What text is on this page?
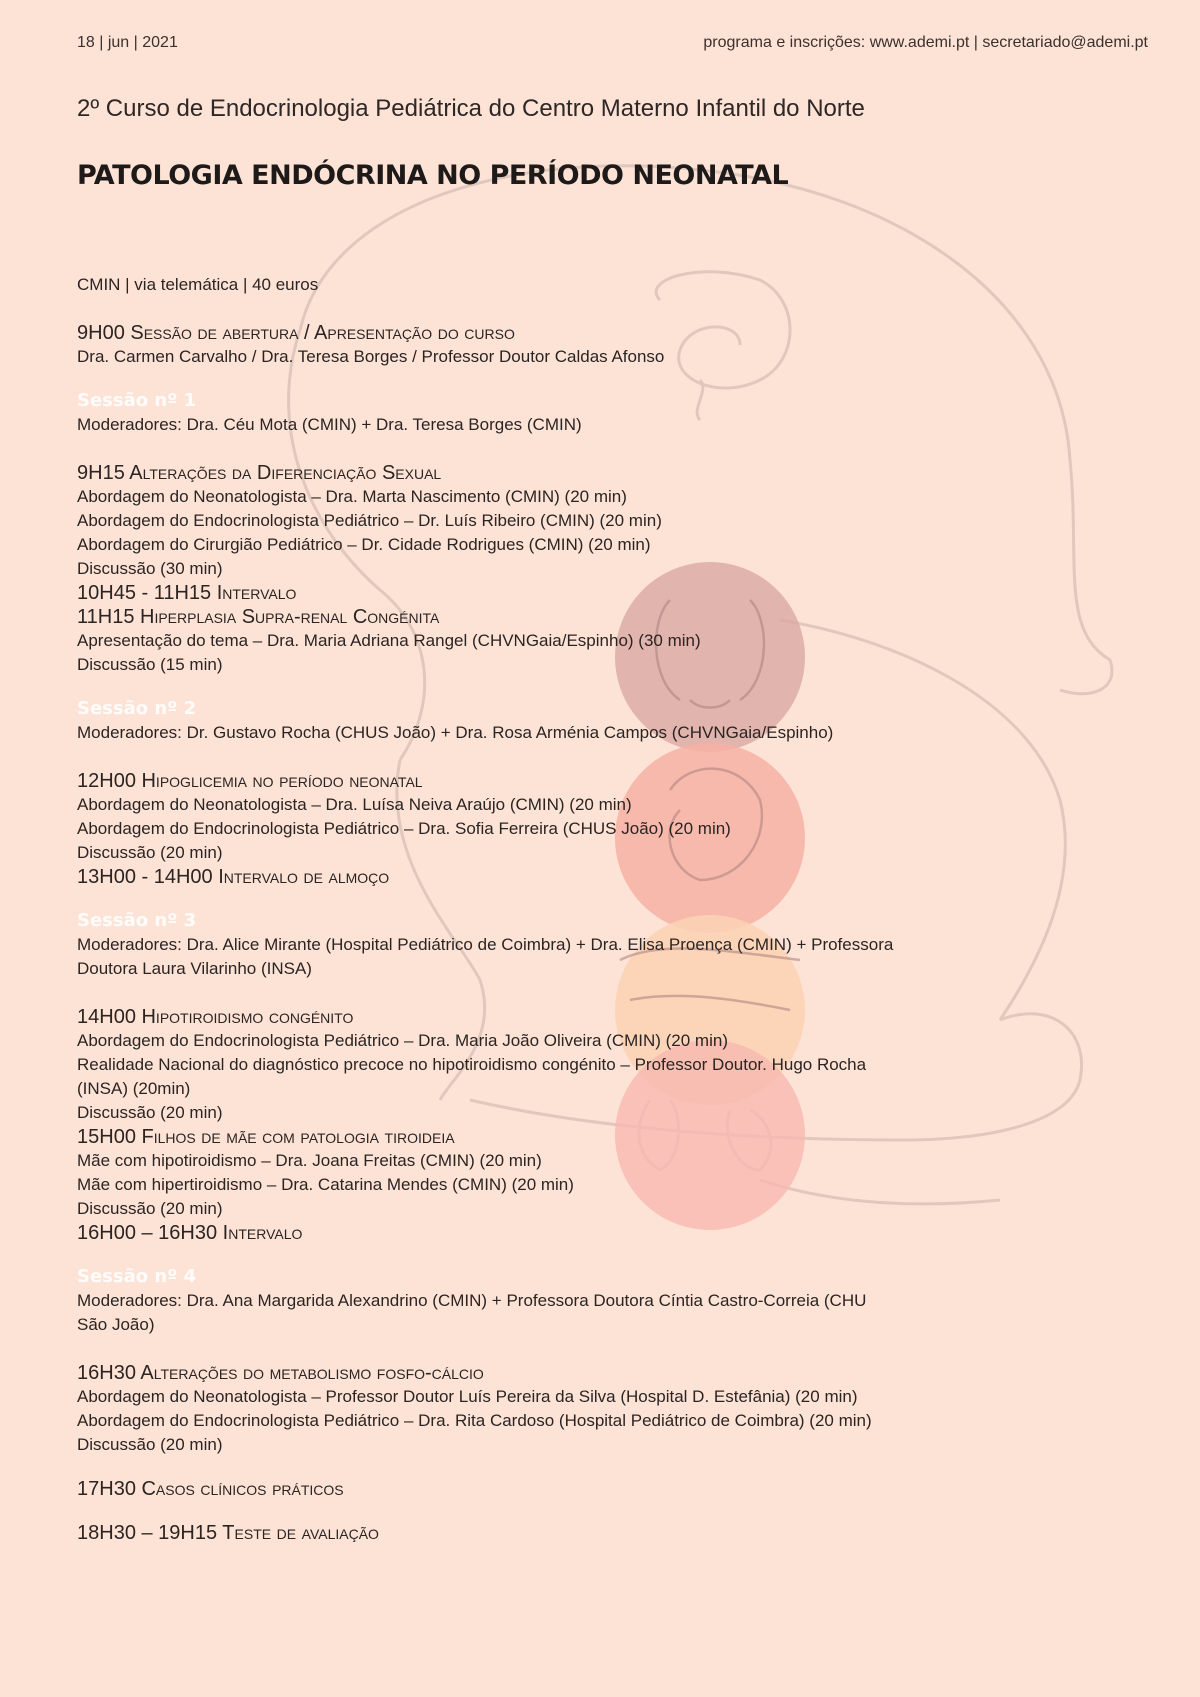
18 | jun | 2021	programa e inscrições: www.ademi.pt | secretariado@ademi.pt
2º Curso de Endocrinologia Pediátrica do Centro Materno Infantil do Norte
PATOLOGIA ENDÓCRINA NO PERÍODO NEONATAL
CMIN | via telemática | 40 euros
9H00 Sessão de abertura / Apresentação do curso
Dra. Carmen Carvalho / Dra. Teresa Borges / Professor Doutor Caldas Afonso
Sessão nº 1
Moderadores: Dra. Céu Mota (CMIN) + Dra. Teresa Borges (CMIN)
9H15 Alterações da Diferenciação Sexual
Abordagem do Neonatologista – Dra. Marta Nascimento (CMIN) (20 min)
Abordagem do Endocrinologista Pediátrico – Dr. Luís Ribeiro (CMIN) (20 min)
Abordagem do Cirurgião Pediátrico – Dr. Cidade Rodrigues (CMIN) (20 min)
Discussão (30 min)
10H45 - 11H15 Intervalo
11H15 Hiperplasia Supra-renal Congénita
Apresentação do tema – Dra. Maria Adriana Rangel (CHVNGaia/Espinho) (30 min)
Discussão (15 min)
Sessão nº 2
Moderadores: Dr. Gustavo Rocha (CHUS João) + Dra. Rosa Arménia Campos (CHVNGaia/Espinho)
12H00 Hipoglicemia no período neonatal
Abordagem do Neonatologista – Dra. Luísa Neiva Araújo (CMIN) (20 min)
Abordagem do Endocrinologista Pediátrico – Dra. Sofia Ferreira (CHUS João) (20 min)
Discussão (20 min)
13H00 - 14H00 Intervalo de almoço
Sessão nº 3
Moderadores: Dra. Alice Mirante (Hospital Pediátrico de Coimbra) + Dra. Elisa Proença (CMIN) + Professora
Doutora Laura Vilarinho (INSA)
14H00 Hipotiroidismo congénito
Abordagem do Endocrinologista Pediátrico – Dra. Maria João Oliveira (CMIN) (20 min)
Realidade Nacional do diagnóstico precoce no hipotiroidismo congénito – Professor Doutor. Hugo Rocha
(INSA) (20min)
Discussão (20 min)
15H00 Filhos de mãe com patologia tiroideia
Mãe com hipotiroidismo – Dra. Joana Freitas (CMIN) (20 min)
Mãe com hipertiroidismo – Dra. Catarina Mendes (CMIN) (20 min)
Discussão (20 min)
16H00 – 16H30 Intervalo
Sessão nº 4
Moderadores: Dra. Ana Margarida Alexandrino (CMIN) + Professora Doutora Cíntia Castro-Correia (CHU
São João)
16H30 Alterações do metabolismo fosfo-cálcio
Abordagem do Neonatologista – Professor Doutor Luís Pereira da Silva (Hospital D. Estefânia) (20 min)
Abordagem do Endocrinologista Pediátrico – Dra. Rita Cardoso (Hospital Pediátrico de Coimbra) (20 min)
Discussão (20 min)
17H30 Casos clínicos práticos
18H30 – 19H15 Teste de avaliação
